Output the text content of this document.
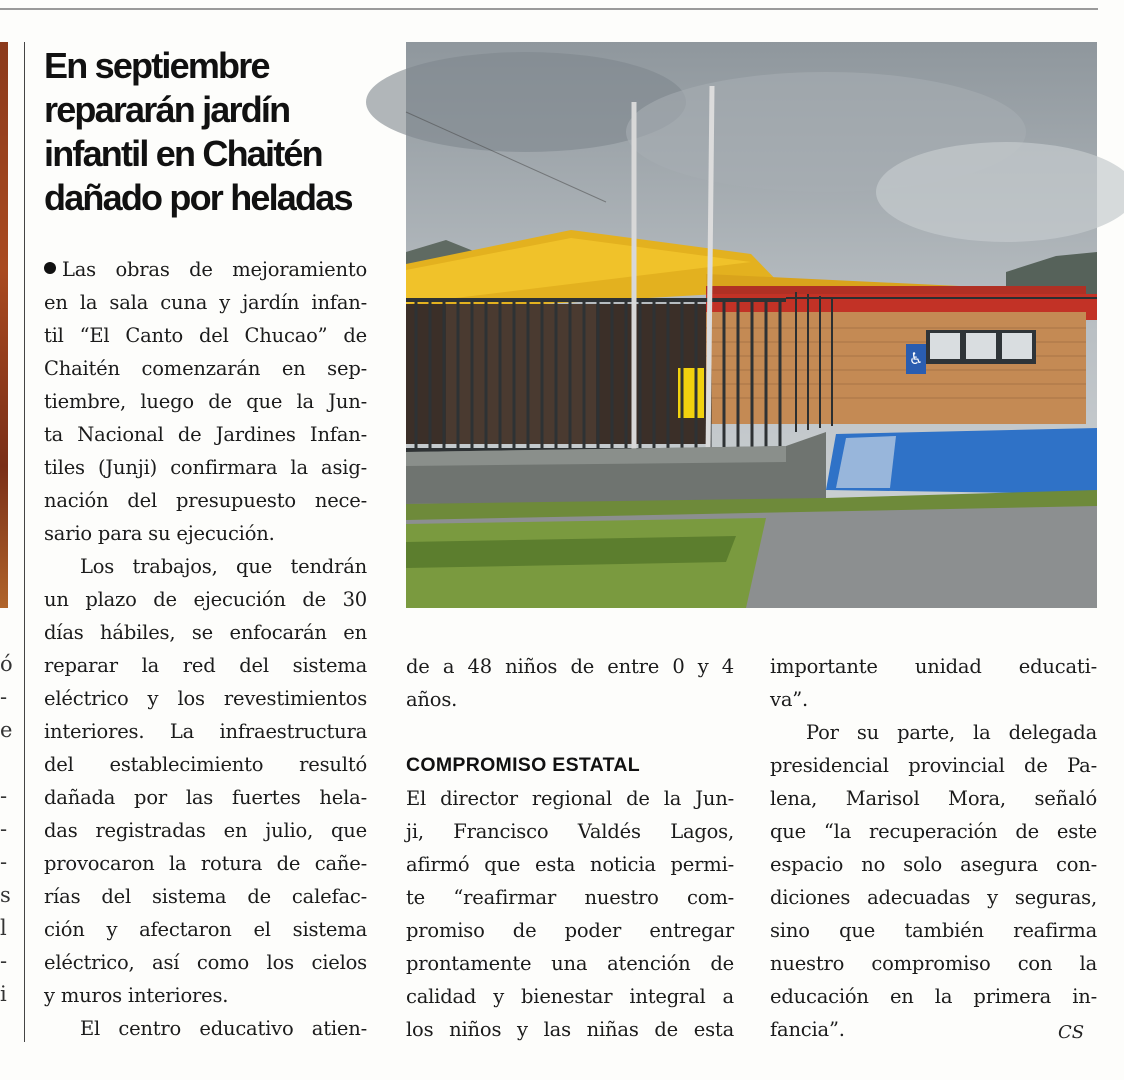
ó
-
e
-
-
-
s
l
-
i
En septiembre repararán jardín infantil en Chaitén dañado por heladas
Las obras de mejoramiento
en la sala cuna y jardín infan-
til “El Canto del Chucao” de
Chaitén comenzarán en sep-
tiembre, luego de que la Jun-
ta Nacional de Jardines Infan-
tiles (Junji) confirmara la asig-
nación del presupuesto nece-
sario para su ejecución.
Los trabajos, que tendrán
un plazo de ejecución de 30
días hábiles, se enfocarán en
reparar la red del sistema
eléctrico y los revestimientos
interiores. La infraestructura
del establecimiento resultó
dañada por las fuertes hela-
das registradas en julio, que
provocaron la rotura de cañe-
rías del sistema de calefac-
ción y afectaron el sistema
eléctrico, así como los cielos
y muros interiores.
El centro educativo atien-
♿
de a 48 niños de entre 0 y 4
años.
COMPROMISO ESTATAL
El director regional de la Jun-
ji, Francisco Valdés Lagos,
afirmó que esta noticia permi-
te “reafirmar nuestro com-
promiso de poder entregar
prontamente una atención de
calidad y bienestar integral a
los niños y las niñas de esta
importante unidad educati-
va”.
Por su parte, la delegada
presidencial provincial de Pa-
lena, Marisol Mora, señaló
que “la recuperación de este
espacio no solo asegura con-
diciones adecuadas y seguras,
sino que también reafirma
nuestro compromiso con la
educación en la primera in-
fancia”.	CS
